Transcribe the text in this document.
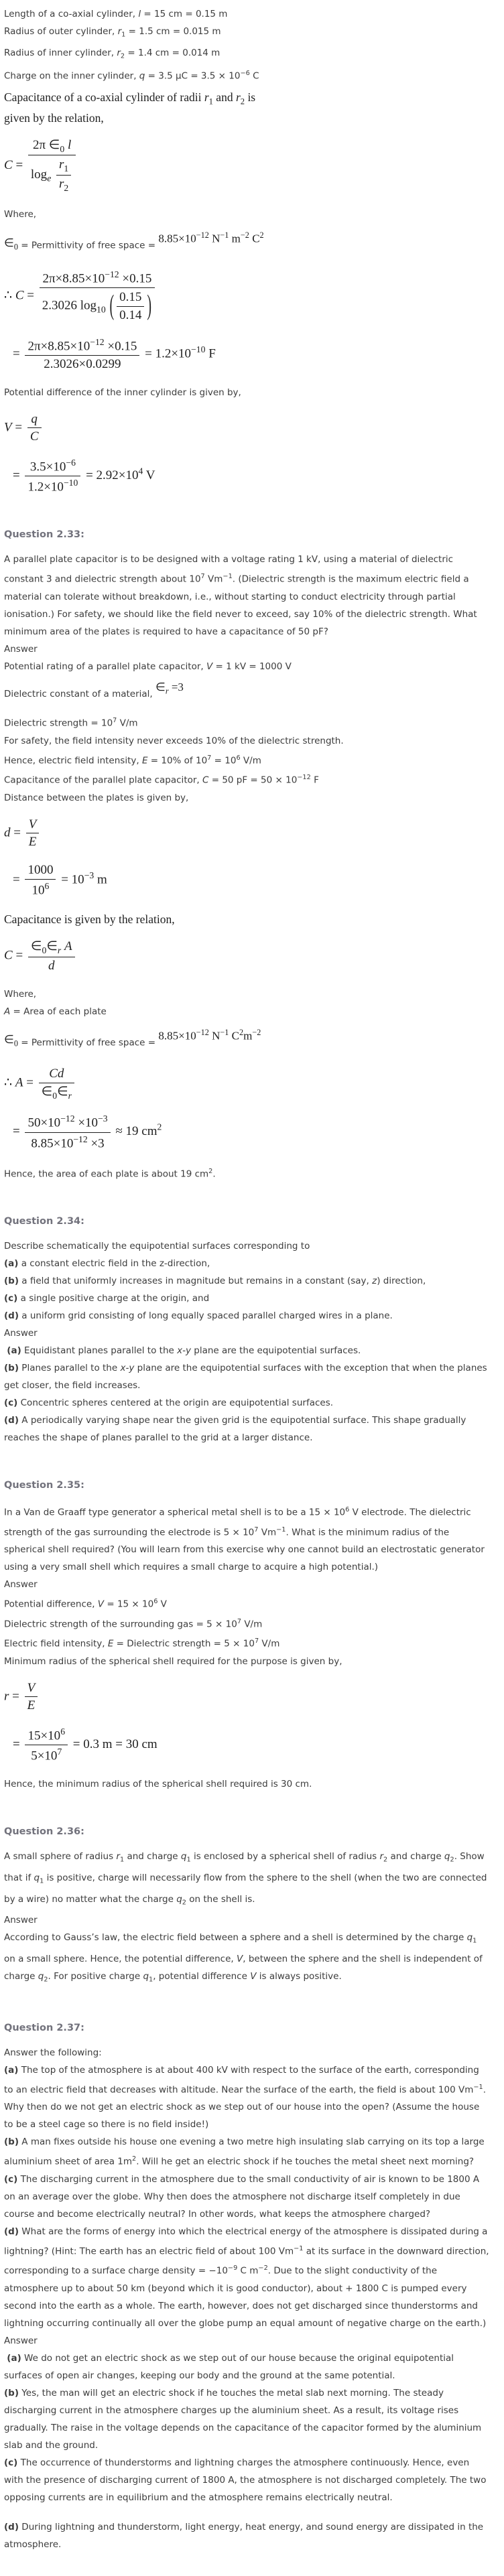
Length of a co-axial cylinder, l = 15 cm = 0.15 m
Radius of outer cylinder, $r_1 = 1.5$ cm = 0.015 m
Radius of inner cylinder, $r_2 = 1.4$ cm = 0.014 m
Charge on the inner cylinder, q = 3.5 $\mu C = 3.5 \times 10^{-6}$ C
Capacitance of a co-axial cylinder of radii $r_1$ and $r_2$ is
given by the relation,
$C = \frac{2\pi \in_0 l}{\log_e \frac{r_1}{r_2}}$
Where,
$\in_0$ = Permittivity of free space = $8.85\times 10^{-12}$ $N^{-1}$ $m^{-2}$ $C^2$
∴ $C = \frac{2\pi\times 8.85\times 10^{-12} \times 0.15}{2.3026 \log_{10} ( \frac{0.15}{0.14} )}$
= $\frac{2\pi\times 8.85\times 10^{-12} \times 0.15}{2.3026\times 0.0299} = 1.2\times 10^{-10}$ F
Potential difference of the inner cylinder is given by,
$V = \frac{q}{C}$
= $\frac{3.5\times 10^{-6}}{1.2\times 10^{-10}} = 2.92\times 10^4$ V
Question 2.33:
A parallel plate capacitor is to be designed with a voltage rating 1 kV, using a material of dielectric constant 3 and dielectric strength about $10^7$ $Vm^{-1}$. (Dielectric strength is the maximum electric field a material can tolerate without breakdown, i.e., without starting to conduct electricity through partial ionisation.) For safety, we should like the field never to exceed, say 10% of the dielectric strength. What minimum area of the plates is required to have a capacitance of 50 pF?
Answer
Potential rating of a parallel plate capacitor, V = 1 kV = 1000 V
Dielectric constant of a material, $\in_r =3$
Dielectric strength = $10^7$ V/m
For safety, the field intensity never exceeds 10% of the dielectric strength.
Hence, electric field intensity, E = 10% of $10^7 = 10^6$ V/m
Capacitance of the parallel plate capacitor, C = 50 pF = $50 \times 10^{-12}$ F
Distance between the plates is given by,
$d = \frac{V}{E}$
= $\frac{1000}{10^6} = 10^{-3}$ m
Capacitance is given by the relation,
$C = \frac{\in_0\in_r A}{d}$
Where,
A = Area of each plate
$\in_0$ = Permittivity of free space = $8.85\times 10^{-12}$ $N^{-1}$ $C^2m^{-2}$
∴ $A = \frac{Cd}{\in_0\in_r}$
= $\frac{50\times 10^{-12} \times 10^{-3}}{8.85\times 10^{-12} \times 3} \approx 19$ $cm^2$
Hence, the area of each plate is about 19 $cm^2$.
Question 2.34:
Describe schematically the equipotential surfaces corresponding to
(a) a constant electric field in the z-direction,
(b) a field that uniformly increases in magnitude but remains in a constant (say, z) direction,
(c) a single positive charge at the origin, and
(d) a uniform grid consisting of long equally spaced parallel charged wires in a plane.
Answer
(a) Equidistant planes parallel to the x-y plane are the equipotential surfaces.
(b) Planes parallel to the x-y plane are the equipotential surfaces with the exception that when the planes get closer, the field increases.
(c) Concentric spheres centered at the origin are equipotential surfaces.
(d) A periodically varying shape near the given grid is the equipotential surface. This shape gradually reaches the shape of planes parallel to the grid at a larger distance.
Question 2.35:
In a Van de Graaff type generator a spherical metal shell is to be a $15 \times 10^6$ V electrode. The dielectric strength of the gas surrounding the electrode is $5 \times 10^7$ $Vm^{-1}$. What is the minimum radius of the spherical shell required? (You will learn from this exercise why one cannot build an electrostatic generator using a very small shell which requires a small charge to acquire a high potential.)
Answer
Potential difference, $V = 15 \times 10^6$ V
Dielectric strength of the surrounding gas = $5 \times 10^7$ V/m
Electric field intensity, E = Dielectric strength = $5 \times 10^7$ V/m
Minimum radius of the spherical shell required for the purpose is given by,
$r = \frac{V}{E}$
= $\frac{15\times 10^6}{5\times 10^7} = 0.3$ m = 30 cm
Hence, the minimum radius of the spherical shell required is 30 cm.
Question 2.36:
A small sphere of radius $r_1$ and charge $q_1$ is enclosed by a spherical shell of radius $r_2$ and charge $q_2$. Show that if $q_1$ is positive, charge will necessarily flow from the sphere to the shell (when the two are connected by a wire) no matter what the charge $q_2$ on the shell is.
Answer
According to Gauss’s law, the electric field between a sphere and a shell is determined by the charge $q_1$ on a small sphere. Hence, the potential difference, V, between the sphere and the shell is independent of charge $q_2$. For positive charge $q_1$, potential difference V is always positive.
Question 2.37:
Answer the following:
(a) The top of the atmosphere is at about 400 kV with respect to the surface of the earth, corresponding to an electric field that decreases with altitude. Near the surface of the earth, the field is about 100 $Vm^{-1}$. Why then do we not get an electric shock as we step out of our house into the open? (Assume the house to be a steel cage so there is no field inside!)
(b) A man fixes outside his house one evening a two metre high insulating slab carrying on its top a large aluminium sheet of area $1m^2$. Will he get an electric shock if he touches the metal sheet next morning?
(c) The discharging current in the atmosphere due to the small conductivity of air is known to be 1800 A on an average over the globe. Why then does the atmosphere not discharge itself completely in due course and become electrically neutral? In other words, what keeps the atmosphere charged?
(d) What are the forms of energy into which the electrical energy of the atmosphere is dissipated during a lightning? (Hint: The earth has an electric field of about 100 $Vm^{-1}$ at its surface in the downward direction, corresponding to a surface charge density = $-10^{-9}$ C $m^{-2}$. Due to the slight conductivity of the atmosphere up to about 50 km (beyond which it is good conductor), about + 1800 C is pumped every second into the earth as a whole. The earth, however, does not get discharged since thunderstorms and lightning occurring continually all over the globe pump an equal amount of negative charge on the earth.)
Answer
(a) We do not get an electric shock as we step out of our house because the original equipotential surfaces of open air changes, keeping our body and the ground at the same potential.
(b) Yes, the man will get an electric shock if he touches the metal slab next morning. The steady discharging current in the atmosphere charges up the aluminium sheet. As a result, its voltage rises gradually. The raise in the voltage depends on the capacitance of the capacitor formed by the aluminium slab and the ground.
(c) The occurrence of thunderstorms and lightning charges the atmosphere continuously. Hence, even with the presence of discharging current of 1800 A, the atmosphere is not discharged completely. The two opposing currents are in equilibrium and the atmosphere remains electrically neutral.
(d) During lightning and thunderstorm, light energy, heat energy, and sound energy are dissipated in the atmosphere.
